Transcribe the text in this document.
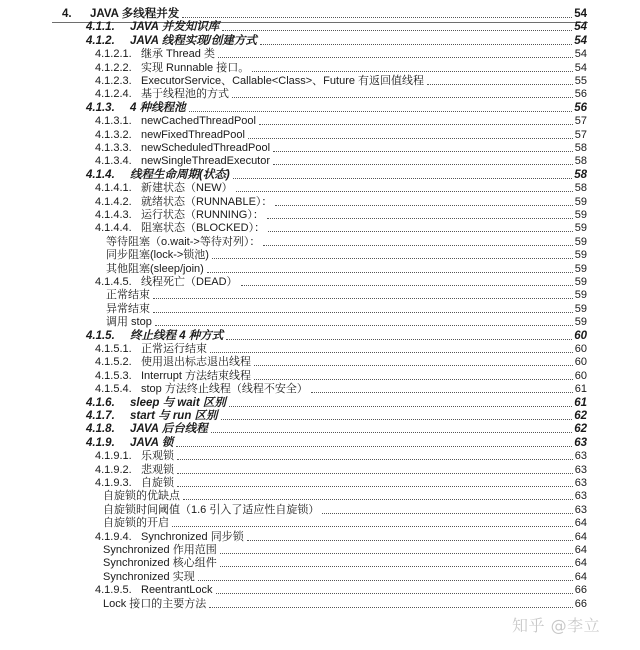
4. JAVA 多线程并发	54
4.1.1. JAVA 并发知识库	54
4.1.2. JAVA 线程实现/创建方式	54
4.1.2.1. 继承 Thread 类	54
4.1.2.2. 实现 Runnable 接口。	54
4.1.2.3. ExecutorService、Callable<Class>、Future 有返回值线程	55
4.1.2.4. 基于线程池的方式	56
4.1.3. 4 种线程池	56
4.1.3.1. newCachedThreadPool	57
4.1.3.2. newFixedThreadPool	57
4.1.3.3. newScheduledThreadPool	58
4.1.3.4. newSingleThreadExecutor	58
4.1.4. 线程生命周期(状态)	58
4.1.4.1. 新建状态（NEW）	58
4.1.4.2. 就绪状态（RUNNABLE）：	59
4.1.4.3. 运行状态（RUNNING）：	59
4.1.4.4. 阻塞状态（BLOCKED）：	59
等待阻塞（o.wait->等待对列）：	59
同步阻塞(lock->锁池)	59
其他阻塞(sleep/join)	59
4.1.4.5. 线程死亡（DEAD）	59
正常结束	59
异常结束	59
调用 stop	59
4.1.5. 终止线程 4 种方式	60
4.1.5.1. 正常运行结束	60
4.1.5.2. 使用退出标志退出线程	60
4.1.5.3. Interrupt 方法结束线程	60
4.1.5.4. stop 方法终止线程（线程不安全）	61
4.1.6. sleep 与 wait 区别	61
4.1.7. start 与 run 区别	62
4.1.8. JAVA 后台线程	62
4.1.9. JAVA 锁	63
4.1.9.1. 乐观锁	63
4.1.9.2. 悲观锁	63
4.1.9.3. 自旋锁	63
自旋锁的优缺点	63
自旋锁时间阈值（1.6 引入了适应性自旋锁）	63
自旋锁的开启	64
4.1.9.4. Synchronized 同步锁	64
Synchronized 作用范围	64
Synchronized 核心组件	64
Synchronized 实现	64
4.1.9.5. ReentrantLock	66
Lock 接口的主要方法	66
知乎 @李立
